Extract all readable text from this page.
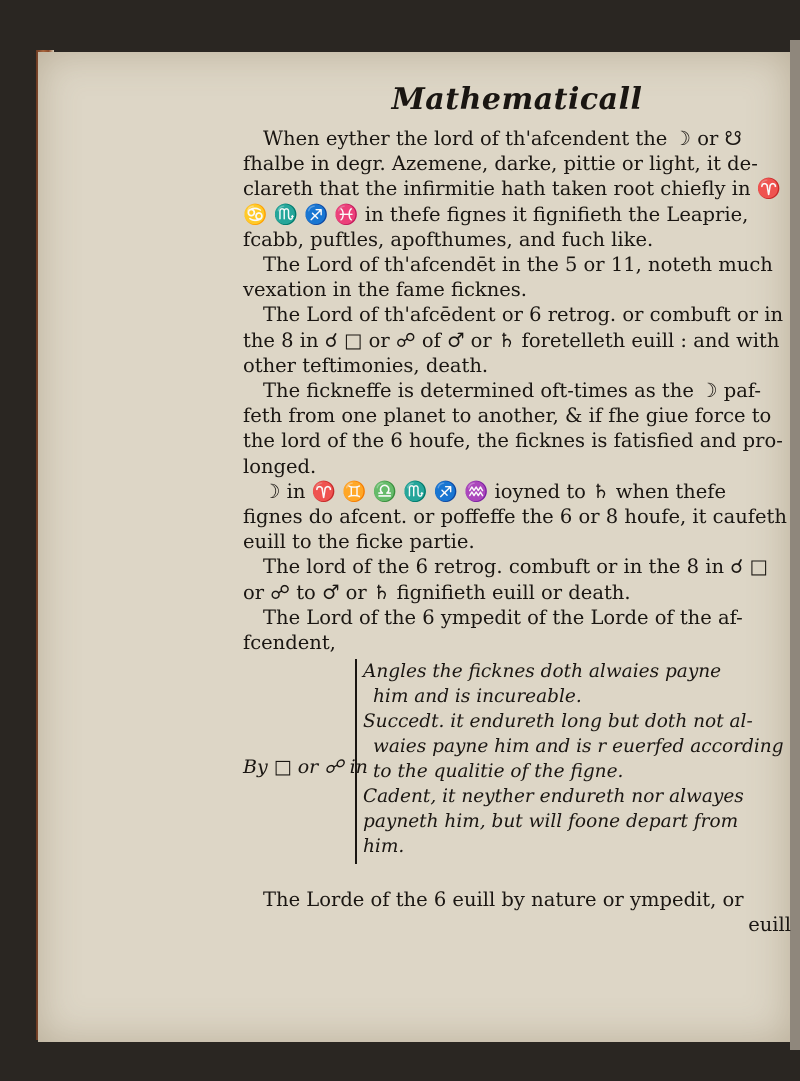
Mathematicall

When eyther the lord of th'afcendent the ☽ or ☋ fhalbe in degr. Azemene, darke, pittie or light, it de-clareth that the infirmitie hath taken root chiefly in ♈ ♋ ♏ ♐ ♓ in thefe fignes it fignifieth the Leaprie, fcabb, puftles, apofthumes, and fuch like.

The Lord of th'afcendēt in the 5 or 11, noteth much vexation in the fame ficknes.

The Lord of th'afcēdent or 6 retrog. or combuft or in the 8 in ☌ □ or ☍ of ♂ or ♄ foretelleth euill : and with other teftimonies, death.

The fickneffe is determined oft-times as the ☽ paf-feth from one planet to another, & if fhe giue force to the lord of the 6 houfe, the ficknes is fatisfied and pro-longed.

☽ in ♈ ♊ ♎ ♏ ♐ ♒ ioyned to ♄ when thefe fignes do afcent. or poffeffe the 6 or 8 houfe, it caufeth euill to the ficke partie.

The lord of the 6 retrog. combuft or in the 8 in ☌ □ or ☍ to ♂ or ♄ fignifieth euill or death.

The Lord of the 6 ympedit of the Lorde of the af-fcendent,

By □ or ☍ in
Angles the ficknes doth alwaies payne
him and is incureable.
Succedt. it endureth long but doth not al-
waies payne him and is r euerfed according
to the qualitie of the figne.
Cadent, it neyther endureth nor alwayes
payneth him, but will foone depart from
him.

The Lorde of the 6 euill by nature or ympedit, or

euill
